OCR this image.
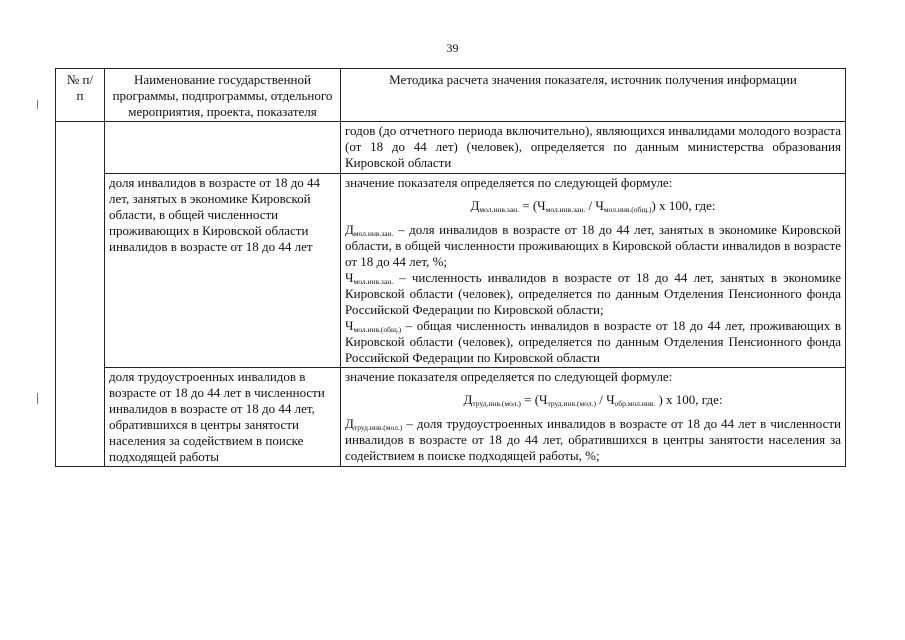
39
№ п/п	Наименование государственной программы, подпрограммы, отдельного мероприятия, проекта, показателя	Методика расчета значения показателя, источник получения информации
		годов (до отчетного периода включительно), являющихся инвалидами молодого возраста (от 18 до 44 лет) (человек), определяется по данным министерства образования Кировской области
	доля инвалидов в возрасте от 18 до 44 лет, занятых в экономике Кировской области, в общей численности проживающих в Кировской области инвалидов в возрасте от 18 до 44 лет	значение показателя определяется по следующей формуле:

$Д_{мол.инв.зан.} = (Ч_{мол.инв.зан.} / Ч_{мол.инв.(общ.)})$ х 100, где:

$Д_{мол.инв.зан.}$ – доля инвалидов в возрасте от 18 до 44 лет, занятых в экономике Кировской области, в общей численности проживающих в Кировской области инвалидов в возрасте от 18 до 44 лет, %;

$Ч_{мол.инв.зан.}$ – численность инвалидов в возрасте от 18 до 44 лет, занятых в экономике Кировской области (человек), определяется по данным Отделения Пенсионного фонда Российской Федерации по Кировской области;

$Ч_{мол.инв.(общ.)}$ – общая численность инвалидов в возрасте от 18 до 44 лет, проживающих в Кировской области (человек), определяется по данным Отделения Пенсионного фонда Российской Федерации по Кировской области

	доля трудоустроенных инвалидов в возрасте от 18 до 44 лет в численности инвалидов в возрасте от 18 до 44 лет, обратившихся в центры занятости населения за содействием в поиске подходящей работы	значение показателя определяется по следующей формуле:

$Д_{труд.инв.(мол.)} = (Ч_{труд.инв.(мол.)} / Ч_{обр.мол.инв.}$ ) х 100, где:

$Д_{труд.инв.(мол.)}$ – доля трудоустроенных инвалидов в возрасте от 18 до 44 лет в численности инвалидов в возрасте от 18 до 44 лет, обратившихся в центры занятости населения за содействием в поиске подходящей работы, %;
